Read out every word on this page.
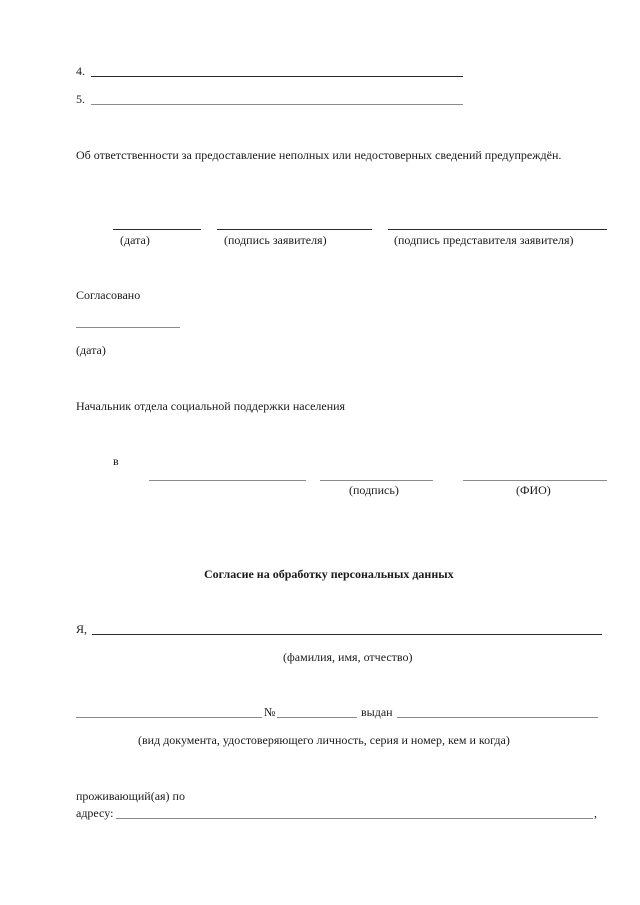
4.
5.
Об ответственности за предоставление неполных или недостоверных сведений предупреждён.
(дата)	(подпись заявителя)	(подпись представителя заявителя)
Согласовано
(дата)
Начальник отдела социальной поддержки населения
в
(подпись)	(ФИО)
Согласие на обработку персональных данных
Я,
(фамилия, имя, отчество)
№	выдан
(вид документа, удостоверяющего личность, серия и номер, кем и когда)
проживающий(ая) по
адресу:	,
